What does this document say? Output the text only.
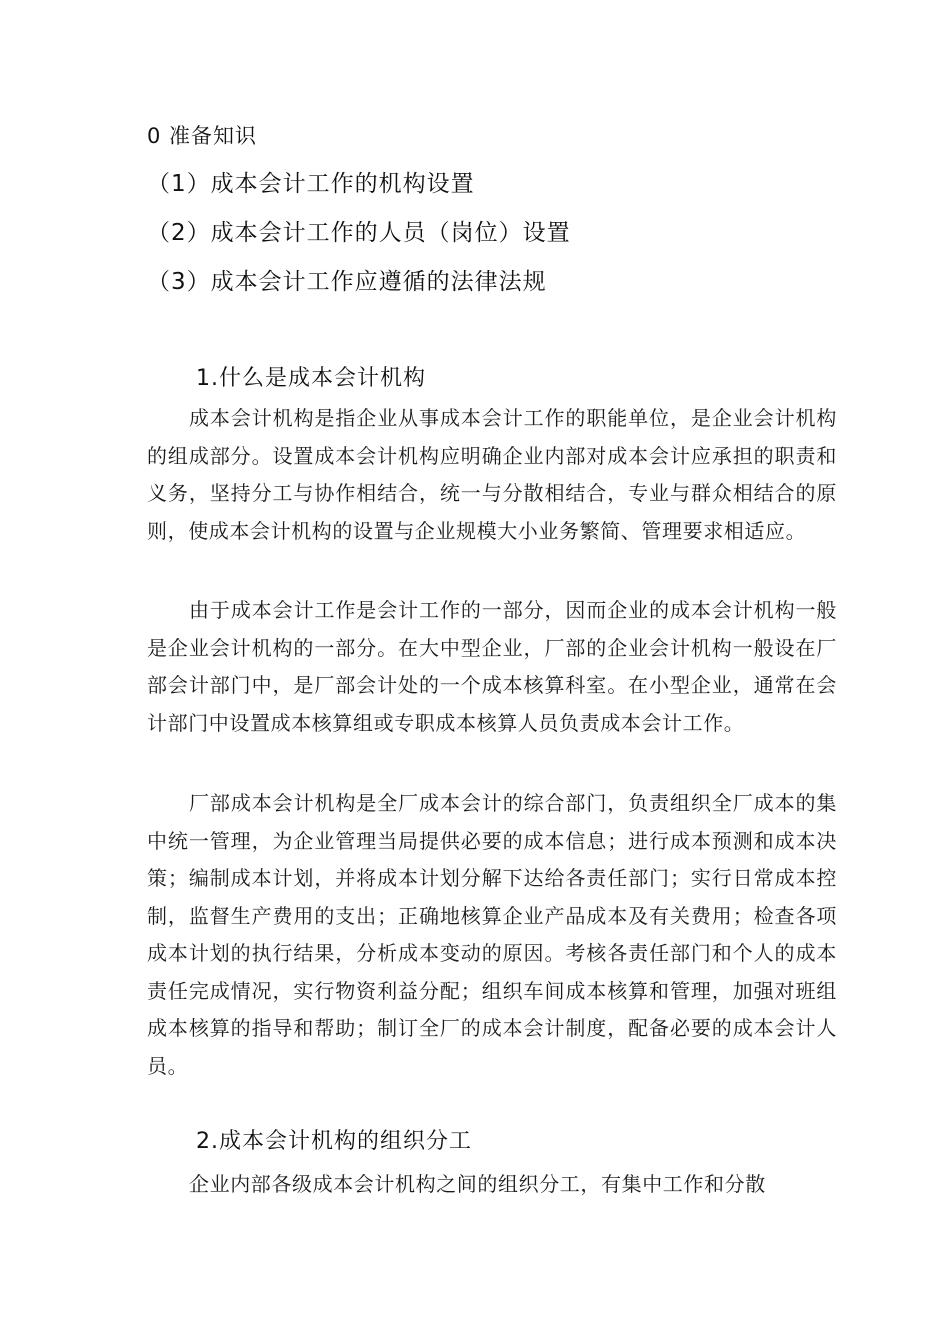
0 准备知识
（1）成本会计工作的机构设置
（2）成本会计工作的人员（岗位）设置
（3）成本会计工作应遵循的法律法规
1.什么是成本会计机构

成本会计机构是指企业从事成本会计工作的职能单位，是企业会计机构的组成部分。设置成本会计机构应明确企业内部对成本会计应承担的职责和义务，坚持分工与协作相结合，统一与分散相结合，专业与群众相结合的原则，使成本会计机构的设置与企业规模大小业务繁简、管理要求相适应。

由于成本会计工作是会计工作的一部分，因而企业的成本会计机构一般是企业会计机构的一部分。在大中型企业，厂部的企业会计机构一般设在厂部会计部门中，是厂部会计处的一个成本核算科室。在小型企业，通常在会计部门中设置成本核算组或专职成本核算人员负责成本会计工作。

厂部成本会计机构是全厂成本会计的综合部门，负责组织全厂成本的集中统一管理，为企业管理当局提供必要的成本信息；进行成本预测和成本决策；编制成本计划，并将成本计划分解下达给各责任部门；实行日常成本控制，监督生产费用的支出；正确地核算企业产品成本及有关费用；检查各项成本计划的执行结果，分析成本变动的原因。考核各责任部门和个人的成本责任完成情况，实行物资利益分配；组织车间成本核算和管理，加强对班组成本核算的指导和帮助；制订全厂的成本会计制度，配备必要的成本会计人员。

2.成本会计机构的组织分工

企业内部各级成本会计机构之间的组织分工，有集中工作和分散
